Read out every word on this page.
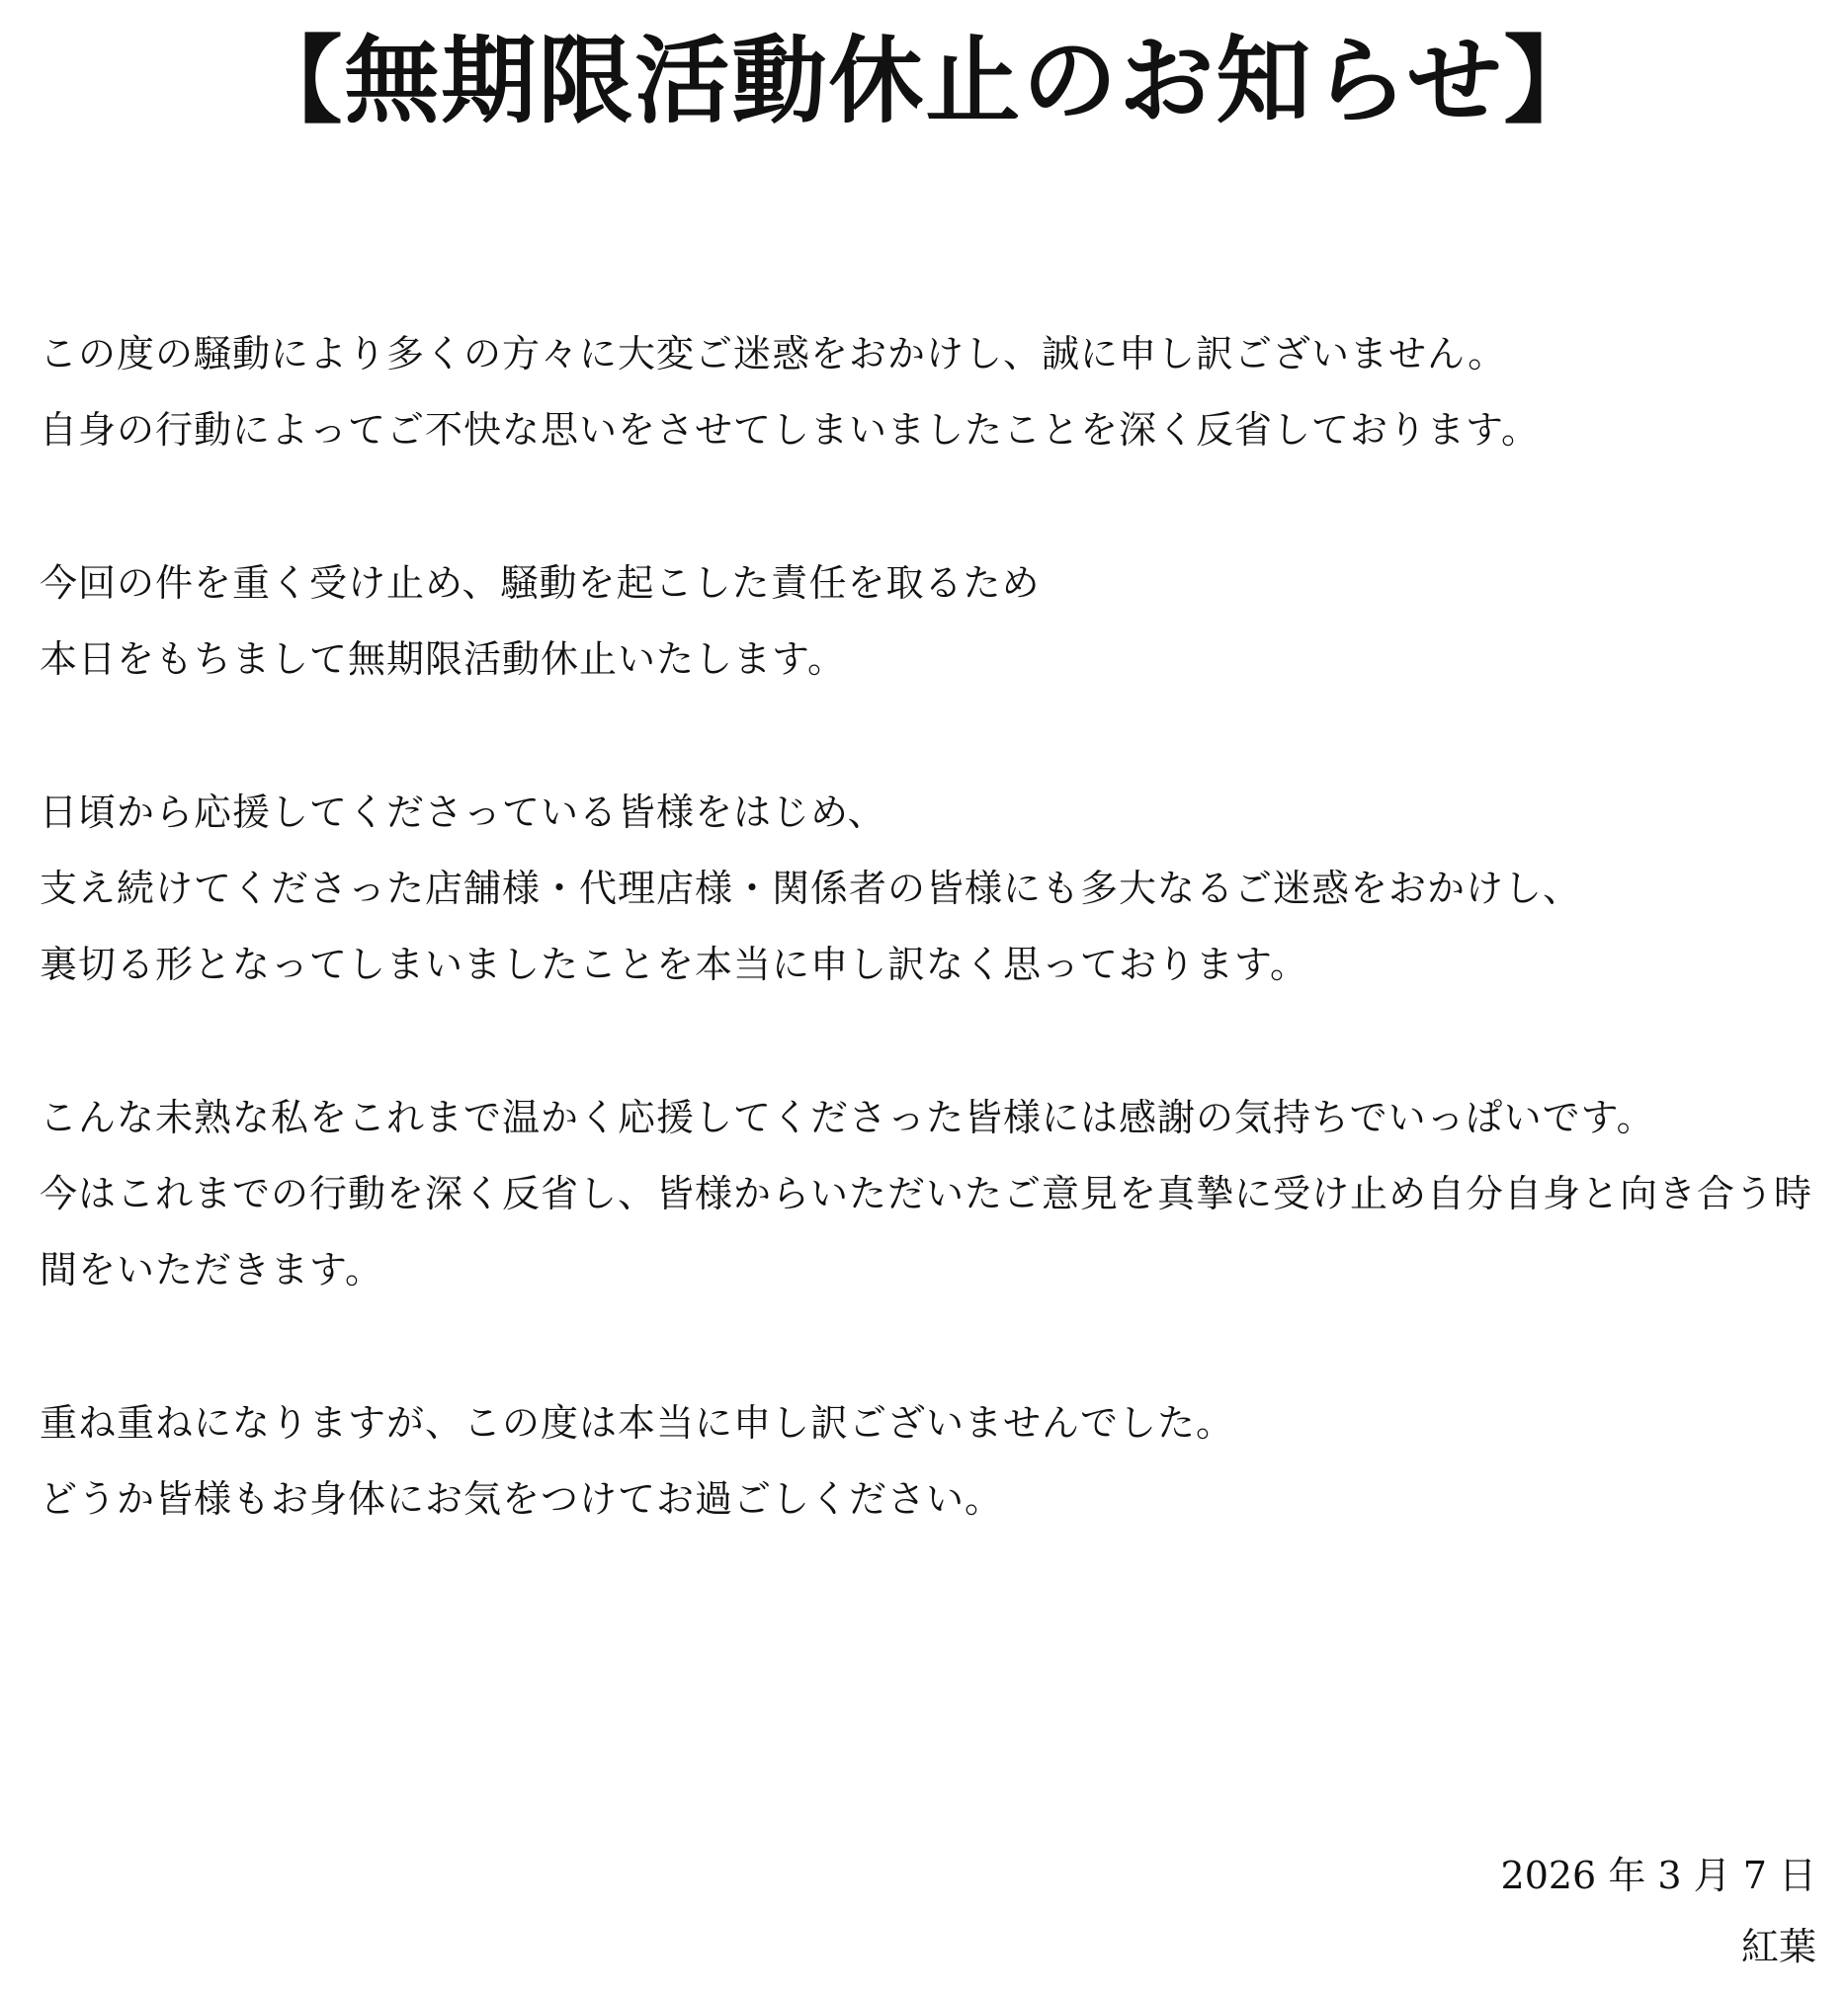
【無期限活動休止のお知らせ】
この度の騒動により多くの方々に大変ご迷惑をおかけし、誠に申し訳ございません。
自身の行動によってご不快な思いをさせてしまいましたことを深く反省しております。
今回の件を重く受け止め、騒動を起こした責任を取るため
本日をもちまして無期限活動休止いたします。
日頃から応援してくださっている皆様をはじめ、
支え続けてくださった店舗様・代理店様・関係者の皆様にも多大なるご迷惑をおかけし、
裏切る形となってしまいましたことを本当に申し訳なく思っております。
こんな未熟な私をこれまで温かく応援してくださった皆様には感謝の気持ちでいっぱいです。
今はこれまでの行動を深く反省し、皆様からいただいたご意見を真摯に受け止め自分自身と向き合う時
間をいただきます。
重ね重ねになりますが、この度は本当に申し訳ございませんでした。
どうか皆様もお身体にお気をつけてお過ごしください。
2026 年 3 月 7 日
紅葉
